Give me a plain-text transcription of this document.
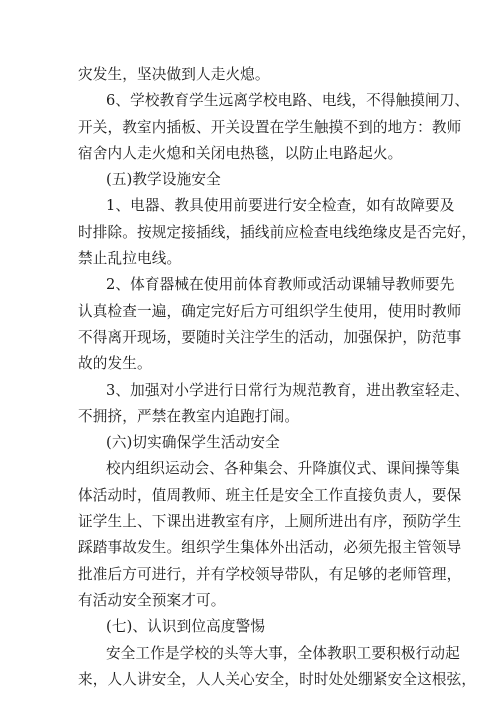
灾发生，坚决做到人走火熄。
6、学校教育学生远离学校电路、电线，不得触摸闸刀、
开关，教室内插板、开关设置在学生触摸不到的地方：教师
宿舍内人走火熄和关闭电热毯，以防止电路起火。
(五)教学设施安全
1、电器、教具使用前要进行安全检查，如有故障要及
时排除。按规定接插线，插线前应检查电线绝缘皮是否完好，
禁止乱拉电线。
2、体育器械在使用前体育教师或活动课辅导教师要先
认真检查一遍，确定完好后方可组织学生使用，使用时教师
不得离开现场，要随时关注学生的活动，加强保护，防范事
故的发生。
3、加强对小学进行日常行为规范教育，进出教室轻走、
不拥挤，严禁在教室内追跑打闹。
(六)切实确保学生活动安全
校内组织运动会、各种集会、升降旗仪式、课间操等集
体活动时，值周教师、班主任是安全工作直接负责人，要保
证学生上、下课出进教室有序，上厕所进出有序，预防学生
踩踏事故发生。组织学生集体外出活动，必须先报主管领导
批准后方可进行，并有学校领导带队，有足够的老师管理，
有活动安全预案才可。
(七)、认识到位高度警惕
安全工作是学校的头等大事，全体教职工要积极行动起
来，人人讲安全，人人关心安全，时时处处绷紧安全这根弦，
